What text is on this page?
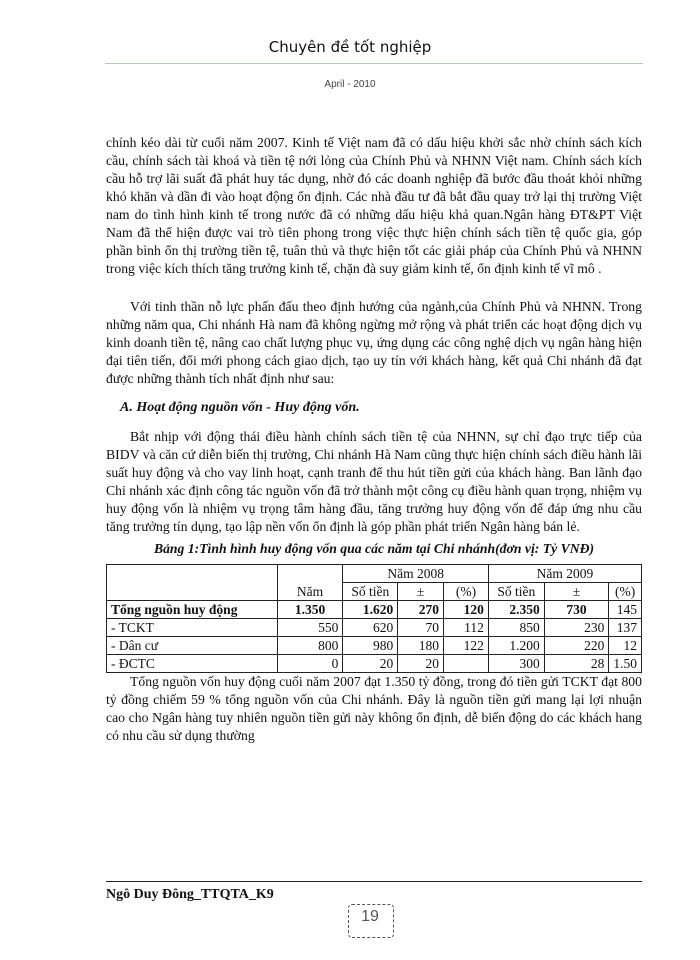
Chuyên đề tốt nghiệp
April - 2010

chính kéo dài từ cuối năm 2007. Kinh tế Việt nam đã có dấu hiệu khởi sắc nhờ chính sách kích cầu, chính sách tài khoá và tiền tệ nới lỏng của Chính Phủ và NHNN Việt nam. Chính sách kích cầu hỗ trợ lãi suất đã phát huy tác dụng, nhờ đó các doanh nghiệp đã bước đầu thoát khỏi những khó khăn và dần đi vào hoạt động ổn định. Các nhà đầu tư đã bắt đầu quay trở lại thị trường Việt nam do tình hình kinh tế trong nước đã có những dấu hiệu khả quan.Ngân hàng ĐT&PT Việt Nam đã thể hiện được vai trò tiên phong trong việc thực hiện chính sách tiền tệ quốc gia, góp phần bình ổn thị trường tiền tệ, tuân thủ và thực hiện tốt các giải pháp của Chính Phủ và NHNN trong việc kích thích tăng trưởng kinh tế, chặn đà suy giảm kinh tế, ổn định kinh tế vĩ mô .

Với tinh thần nỗ lực phấn đấu theo định hướng của ngành,của Chính Phủ và NHNN. Trong những năm qua, Chi nhánh Hà nam đã không ngừng mở rộng và phát triển các hoạt động dịch vụ kinh doanh tiền tệ, nâng cao chất lượng phục vụ, ứng dụng các công nghệ dịch vụ ngân hàng hiện đại tiên tiến, đổi mới phong cách giao dịch, tạo uy tín với khách hàng, kết quả Chi nhánh đã đạt được những thành tích nhất định như sau:

A. Hoạt động nguồn vốn - Huy động vốn.

Bắt nhịp với động thái điều hành chính sách tiền tệ của NHNN, sự chỉ đạo trực tiếp của BIDV và căn cứ diễn biến thị trường, Chi nhánh Hà Nam cũng thực hiện chính sách điều hành lãi suất huy động và cho vay linh hoạt, cạnh tranh để thu hút tiền gửi của khách hàng. Ban lãnh đạo Chi nhánh xác định công tác nguồn vốn đã trở thành một công cụ điều hành quan trọng, nhiệm vụ huy động vốn là nhiệm vụ trọng tâm hàng đầu, tăng trưởng huy động vốn để đáp ứng nhu cầu tăng trưởng tín dụng, tạo lập nền vốn ổn định là góp phần phát triển Ngân hàng bán lẻ.

Bảng 1:Tình hình huy động vốn qua các năm tại Chi nhánh(đơn vị: Tỷ VNĐ)
	Năm	Năm 2008			Năm 2009		
		Số tiền	±	(%)	Số tiền	±	(%)
Tổng nguồn huy động	1.350	1.620	270	120	2.350	730	145
- TCKT	550	620	70	112	850	230	137
- Dân cư	800	980	180	122	1.200	220	12
- ĐCTC	0	20	20		300	28	1.50

Tổng nguồn vốn huy động cuối năm 2007 đạt 1.350 tỷ đồng, trong đó tiền gửi TCKT đạt 800 tỷ đồng chiếm 59 % tổng nguồn vốn của Chi nhánh. Đây là nguồn tiền gửi mang lại lợi nhuận cao cho Ngân hàng tuy nhiên nguồn tiền gửi này không ổn định, dễ biến động do các khách hang có nhu cầu sử dụng thường

Ngô Duy Đông_TTQTA_K9
19
